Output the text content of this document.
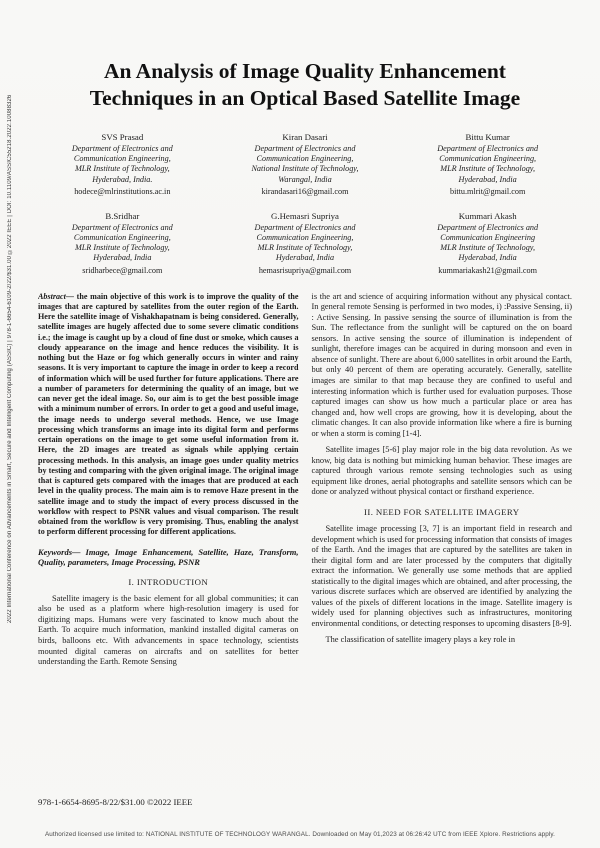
2022 International Conference on Advancements in Smart, Secure and Intelligent Computing (ASSIC) | 978-1-6654-6109-2/22/$31.00 ©2022 IEEE | DOI: 10.1109/ASSIC55218.2022.10088326
An Analysis of Image Quality Enhancement
Techniques in an Optical Based Satellite Image
SVS Prasad
Department of Electronics and
Communication Engineering,
MLR Institute of Technology,
Hyderabad, India.
hodece@mlrinstitutions.ac.in
Kiran Dasari
Department of Electronics and
Communication Engineering,
National Institute of Technology,
Warangal, India
kirandasari16@gmail.com
Bittu Kumar
Department of Electronics and
Communication Engineering,
MLR Institute of Technology,
Hyderabad, India
bittu.mlrit@gmail.com
B.Sridhar
Department of Electronics and
Communication Engineering,
MLR Institute of Technology,
Hyderabad, India
sridharbece@gmail.com
G.Hemasri Supriya
Department of Electronics and
Communication Engineering,
MLR Institute of Technology,
Hyderabad, India
hemasrisupriya@gmail.com
Kummari Akash
Department of Electronics and
Communication Engineering
MLR Institute of Technology,
Hyderabad, India
kummariakash21@gmail.com

Abstract— the main objective of this work is to improve the quality of the images that are captured by satellites from the outer region of the Earth. Here the satellite image of Vishakhapatnam is being considered. Generally, satellite images are hugely affected due to some severe climatic conditions i.e.; the image is caught up by a cloud of fine dust or smoke, which causes a cloudy appearance on the image and hence reduces the visibility. It is nothing but the Haze or fog which generally occurs in winter and rainy seasons. It is very important to capture the image in order to keep a record of information which will be used further for future applications. There are a number of parameters for determining the quality of an image, but we can never get the ideal image. So, our aim is to get the best possible image with a minimum number of errors. In order to get a good and useful image, the image needs to undergo several methods. Hence, we use Image processing which transforms an image into its digital form and performs certain operations on the image to get some useful information from it. Here, the 2D images are treated as signals while applying certain processing methods. In this analysis, an image goes under quality metrics by testing and comparing with the given original image. The original image that is captured gets compared with the images that are produced at each level in the quality process. The main aim is to remove Haze present in the satellite image and to study the impact of every process discussed in the workflow with respect to PSNR values and visual comparison. The result obtained from the workflow is very promising. Thus, enabling the analyst to perform different processing for different applications.

Keywords— Image, Image Enhancement, Satellite, Haze, Transform, Quality, parameters, Image Processing, PSNR

I. INTRODUCTION

Satellite imagery is the basic element for all global communities; it can also be used as a platform where high-resolution imagery is used for digitizing maps. Humans were very fascinated to know much about the Earth. To acquire much information, mankind installed digital cameras on birds, balloons etc. With advancements in space technology, scientists mounted digital cameras on aircrafts and on satellites for better understanding the Earth. Remote Sensing

is the art and science of acquiring information without any physical contact. In general remote Sensing is performed in two modes, i) :Passive Sensing, ii) : Active Sensing. In passive sensing the source of illumination is from the Sun. The reflectance from the sunlight will be captured on the on board sensors. In active sensing the source of illumination is independent of sunlight, therefore images can be acquired in during monsoon and even in absence of sunlight. There are about 6,000 satellites in orbit around the Earth, but only 40 percent of them are operating accurately. Generally, satellite images are similar to that map because they are confined to useful and interesting information which is further used for evaluation purposes. Those captured images can show us how much a particular place or area has changed and, how well crops are growing, how it is developing, about the climatic changes. It can also provide information like where a fire is burning or when a storm is coming [1-4].

Satellite images [5-6] play major role in the big data revolution. As we know, big data is nothing but mimicking human behavior. These images are captured through various remote sensing technologies such as using equipment like drones, aerial photographs and satellite sensors which can be done or analyzed without physical contact or firsthand experience.

II. NEED FOR SATELLITE IMAGERY

Satellite image processing [3, 7] is an important field in research and development which is used for processing information that consists of images of the Earth. And the images that are captured by the satellites are taken in their digital form and are later processed by the computers that digitally extract the information. We generally use some methods that are applied statistically to the digital images which are obtained, and after processing, the various discrete surfaces which are observed are identified by analyzing the values of the pixels of different locations in the image. Satellite imagery is widely used for planning objectives such as infrastructures, monitoring environmental conditions, or detecting responses to upcoming disasters [8-9].

The classification of satellite imagery plays a key role in

978-1-6654-8695-8/22/$31.00 ©2022 IEEE
Authorized licensed use limited to: NATIONAL INSTITUTE OF TECHNOLOGY WARANGAL. Downloaded on May 01,2023 at 06:26:42 UTC from IEEE Xplore. Restrictions apply.
